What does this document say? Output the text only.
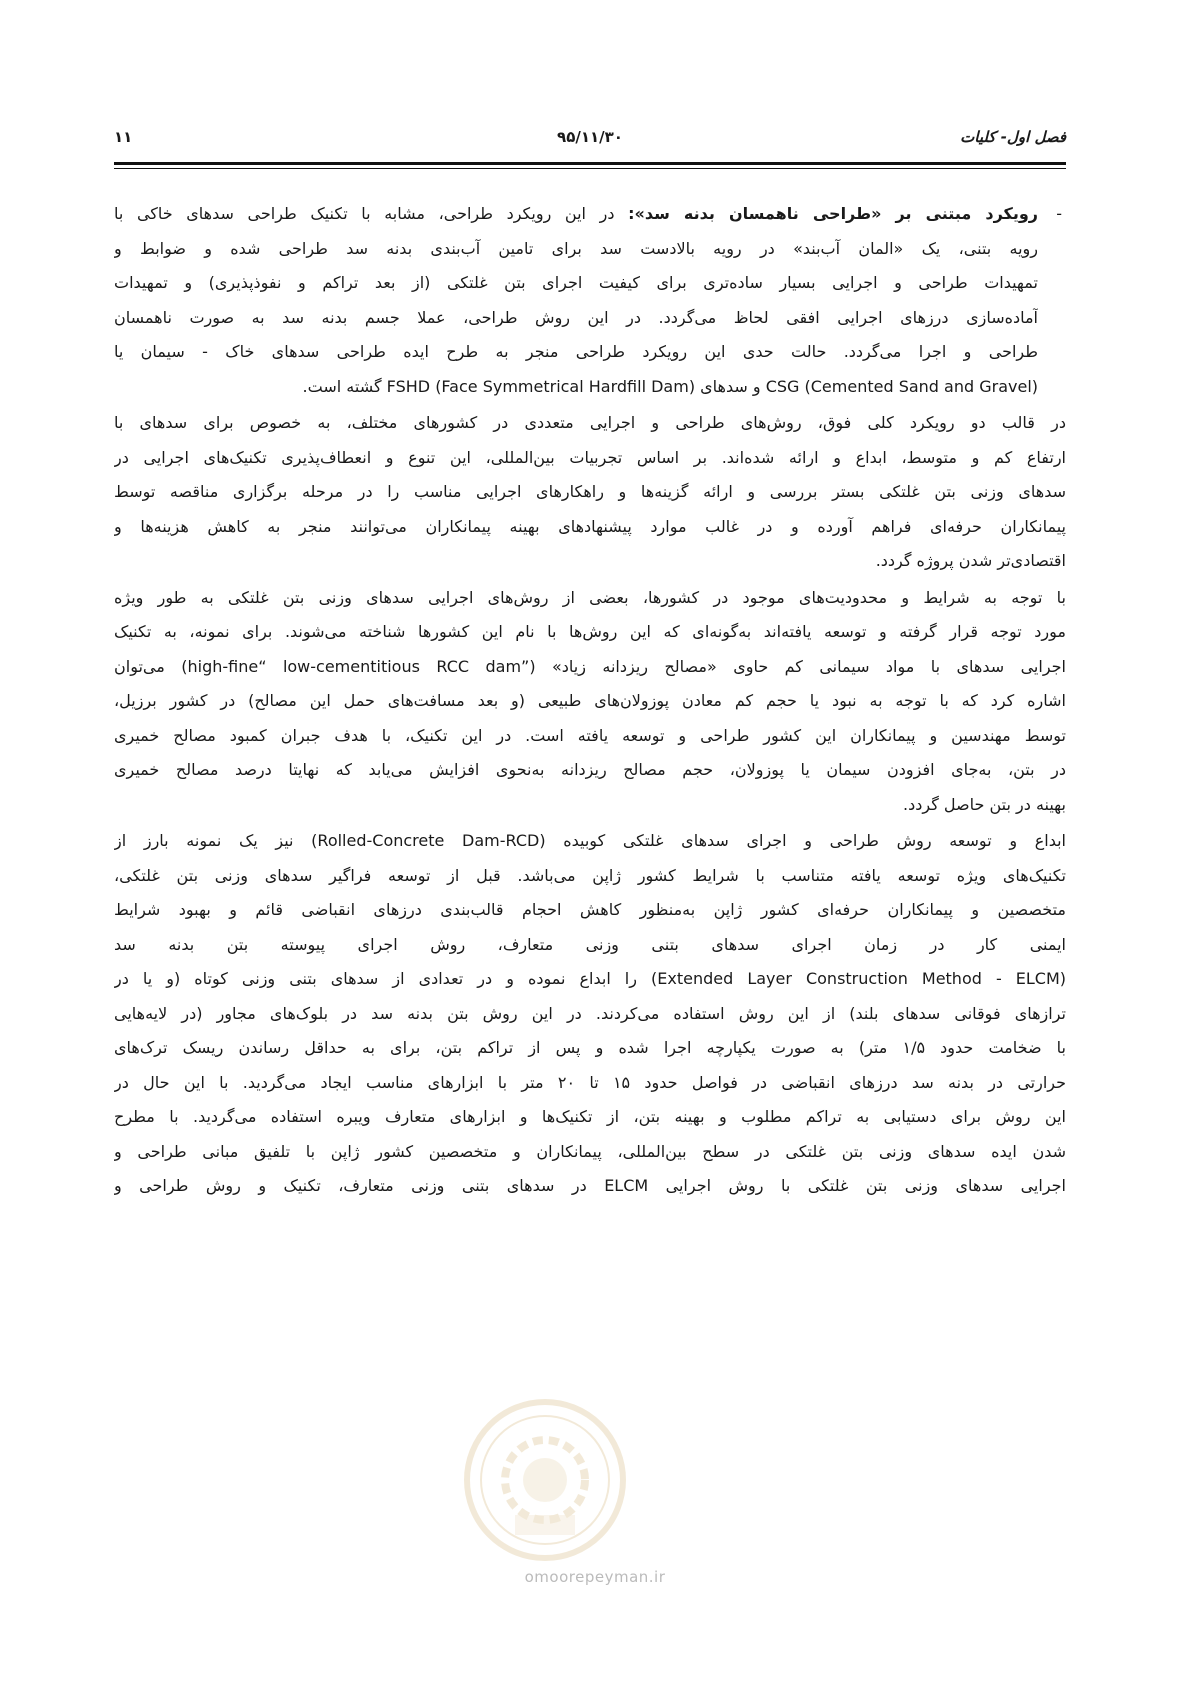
فصل اول- کلیات
۹۵/۱۱/۳۰
۱۱
-
رویکرد مبتنی بر «طراحی ناهمسان بدنه سد»: در این رویکرد طراحی، مشابه با تکنیک طراحی سدهای خاکی با
رویه بتنی، یک «المان آب‌بند» در رویه بالادست سد برای تامین آب‌بندی بدنه سد طراحی شده و ضوابط و
تمهیدات طراحی و اجرایی بسیار ساده‌تری برای کیفیت اجرای بتن غلتکی (از بعد تراکم و نفوذپذیری) و تمهیدات
آماده‌سازی درزهای اجرایی افقی لحاظ می‌گردد. در این روش طراحی، عملا جسم بدنه سد به صورت ناهمسان
طراحی و اجرا می‌گردد. حالت حدی این رویکرد طراحی منجر به طرح ایده طراحی سدهای خاک - سیمان یا
CSG (Cemented Sand and Gravel) و سدهای FSHD (Face Symmetrical Hardfill Dam) گشته است.
در قالب دو رویکرد کلی فوق، روش‌های طراحی و اجرایی متعددی در کشورهای مختلف، به خصوص برای سدهای با
ارتفاع کم و متوسط، ابداع و ارائه شده‌اند. بر اساس تجربیات بین‌المللی، این تنوع و انعطاف‌پذیری تکنیک‌های اجرایی در
سدهای وزنی بتن غلتکی بستر بررسی و ارائه گزینه‌ها و راهکارهای اجرایی مناسب را در مرحله برگزاری مناقصه توسط
پیمانکاران حرفه‌ای فراهم آورده و در غالب موارد پیشنهادهای بهینه پیمانکاران می‌توانند منجر به کاهش هزینه‌ها و
اقتصادی‌تر شدن پروژه گردد.
با توجه به شرایط و محدودیت‌های موجود در کشورها، بعضی از روش‌های اجرایی سدهای وزنی بتن غلتکی به طور ویژه
مورد توجه قرار گرفته و توسعه یافته‌اند به‌گونه‌ای که این روش‌ها با نام این کشورها شناخته می‌شوند. برای نمونه، به تکنیک
اجرایی سدهای با مواد سیمانی کم حاوی «مصالح ریزدانه زیاد» (”high-fine“ low-cementitious RCC dam) می‌توان
اشاره کرد که با توجه به نبود یا حجم کم معادن پوزولان‌های طبیعی (و بعد مسافت‌های حمل این مصالح) در کشور برزیل،
توسط مهندسین و پیمانکاران این کشور طراحی و توسعه یافته است. در این تکنیک، با هدف جبران کمبود مصالح خمیری
در بتن، به‌جای افزودن سیمان یا پوزولان، حجم مصالح ریزدانه به‌نحوی افزایش می‌یابد که نهایتا درصد مصالح خمیری
بهینه در بتن حاصل گردد.
ابداع و توسعه روش طراحی و اجرای سدهای غلتکی کوبیده (Rolled-Concrete Dam-RCD) نیز یک نمونه بارز از
تکنیک‌های ویژه توسعه یافته متناسب با شرایط کشور ژاپن می‌باشد. قبل از توسعه فراگیر سدهای وزنی بتن غلتکی،
متخصصین و پیمانکاران حرفه‌ای کشور ژاپن به‌منظور کاهش احجام قالب‌بندی درزهای انقباضی قائم و بهبود شرایط
ایمنی کار در زمان اجرای سدهای بتنی وزنی متعارف، روش اجرای پیوسته بتن بدنه سد
(Extended Layer Construction Method - ELCM) را ابداع نموده و در تعدادی از سدهای بتنی وزنی کوتاه (و یا در
ترازهای فوقانی سدهای بلند) از این روش استفاده می‌کردند. در این روش بتن بدنه سد در بلوک‌های مجاور (در لایه‌هایی
با ضخامت حدود ۱/۵ متر) به صورت یکپارچه اجرا شده و پس از تراکم بتن، برای به حداقل رساندن ریسک ترک‌های
حرارتی در بدنه سد درزهای انقباضی در فواصل حدود ۱۵ تا ۲۰ متر با ابزارهای مناسب ایجاد می‌گردید. با این حال در
این روش برای دستیابی به تراکم مطلوب و بهینه بتن، از تکنیک‌ها و ابزارهای متعارف ویبره استفاده می‌گردید. با مطرح
شدن ایده سدهای وزنی بتن غلتکی در سطح بین‌المللی، پیمانکاران و متخصصین کشور ژاپن با تلفیق مبانی طراحی و
اجرایی سدهای وزنی بتن غلتکی با روش اجرایی ELCM در سدهای بتنی وزنی متعارف، تکنیک و روش طراحی و
omoorepeyman.ir
